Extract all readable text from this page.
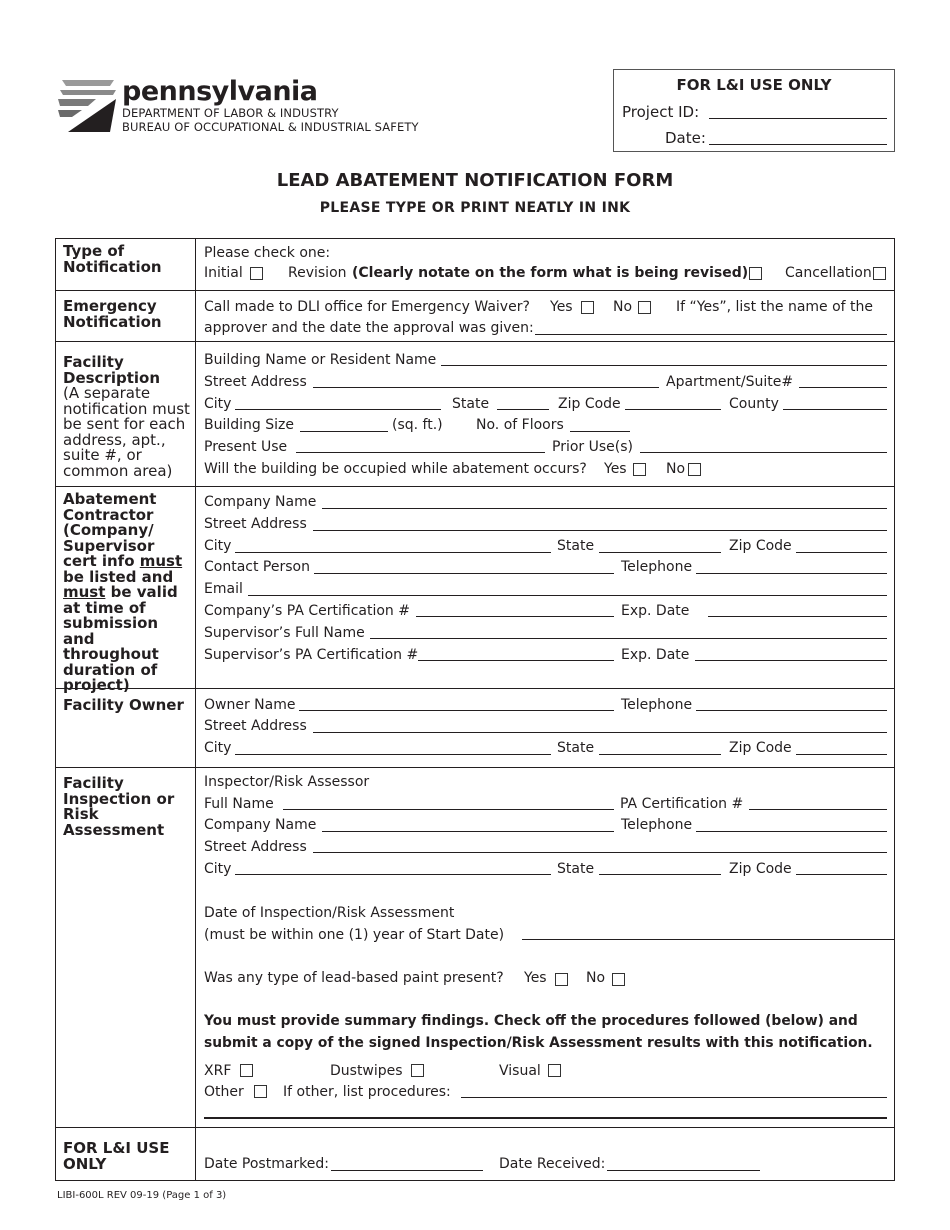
pennsylvania
DEPARTMENT OF LABOR & INDUSTRY
BUREAU OF OCCUPATIONAL & INDUSTRIAL SAFETY
FOR L&I USE ONLY
Project ID:
Date:
LEAD ABATEMENT NOTIFICATION FORM
PLEASE TYPE OR PRINT NEATLY IN INK
Type of Notification
Please check one:
Initial	Revision (Clearly notate on the form what is being revised)	Cancellation
Emergency Notification
Call made to DLI office for Emergency Waiver? Yes	No	If “Yes”, list the name of the
approver and the date the approval was given:
Facility Description
(A separate notification must be sent for each address, apt., suite #, or common area)
Building Name or Resident Name
Street Address	Apartment/Suite#
City	State	Zip Code	County
Building Size	(sq. ft.) No. of Floors
Present Use	Prior Use(s)
Will the building be occupied while abatement occurs? Yes	No
Abatement Contractor (Company/ Supervisor cert info must be listed and must be valid at time of submission and throughout duration of project)
Company Name
Street Address
City	State	Zip Code
Contact Person	Telephone
Email
Company’s PA Certification #	Exp. Date
Supervisor’s Full Name
Supervisor’s PA Certification #	Exp. Date
Facility Owner	Owner Name	Telephone
Street Address
City	State	Zip Code
Facility Inspection or Risk Assessment
Inspector/Risk Assessor
Full Name	PA Certification #
Company Name	Telephone
Street Address
City	State	Zip Code
Date of Inspection/Risk Assessment
(must be within one (1) year of Start Date)
Was any type of lead-based paint present? Yes	No
You must provide summary findings. Check off the procedures followed (below) and
submit a copy of the signed Inspection/Risk Assessment results with this notification.
XRF	Dustwipes	Visual
Other	If other, list procedures:
FOR L&I USE ONLY	Date Postmarked:	Date Received:
LIBI-600L REV 09-19 (Page 1 of 3)
